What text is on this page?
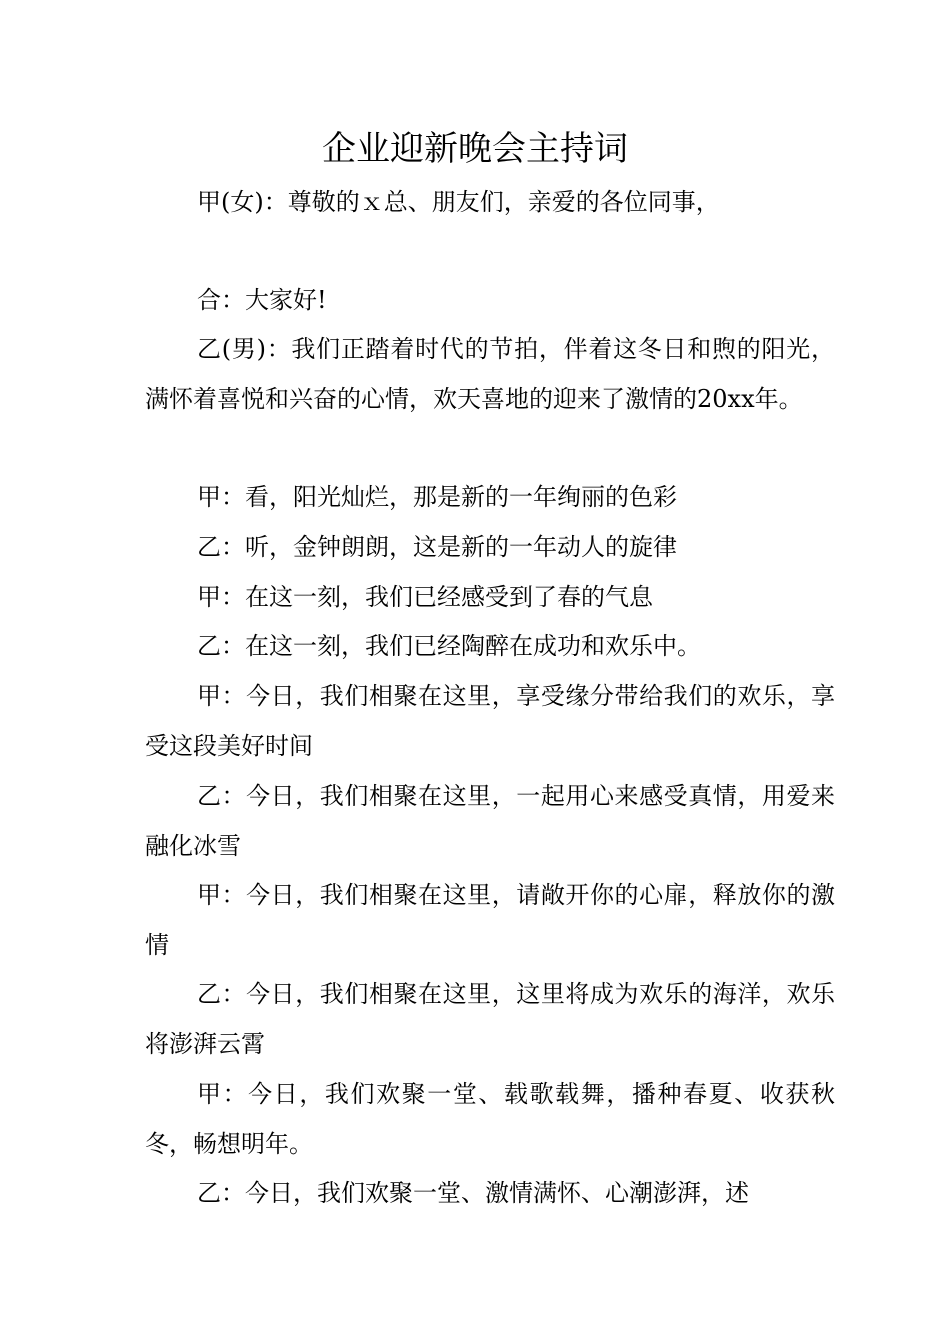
企业迎新晚会主持词

甲(女)：尊敬的ｘ总、朋友们，亲爱的各位同事，

合：大家好!

乙(男)：我们正踏着时代的节拍，伴着这冬日和煦的阳光，满怀着喜悦和兴奋的心情，欢天喜地的迎来了激情的20xx年。

甲：看，阳光灿烂，那是新的一年绚丽的色彩

乙：听，金钟朗朗，这是新的一年动人的旋律

甲：在这一刻，我们已经感受到了春的气息

乙：在这一刻，我们已经陶醉在成功和欢乐中。

甲：今日，我们相聚在这里，享受缘分带给我们的欢乐，享受这段美好时间

乙：今日，我们相聚在这里，一起用心来感受真情，用爱来融化冰雪

甲：今日，我们相聚在这里，请敞开你的心扉，释放你的激情

乙：今日，我们相聚在这里，这里将成为欢乐的海洋，欢乐将澎湃云霄

甲：今日，我们欢聚一堂、载歌载舞，播种春夏、收获秋冬，畅想明年。

乙：今日，我们欢聚一堂、激情满怀、心潮澎湃，述
